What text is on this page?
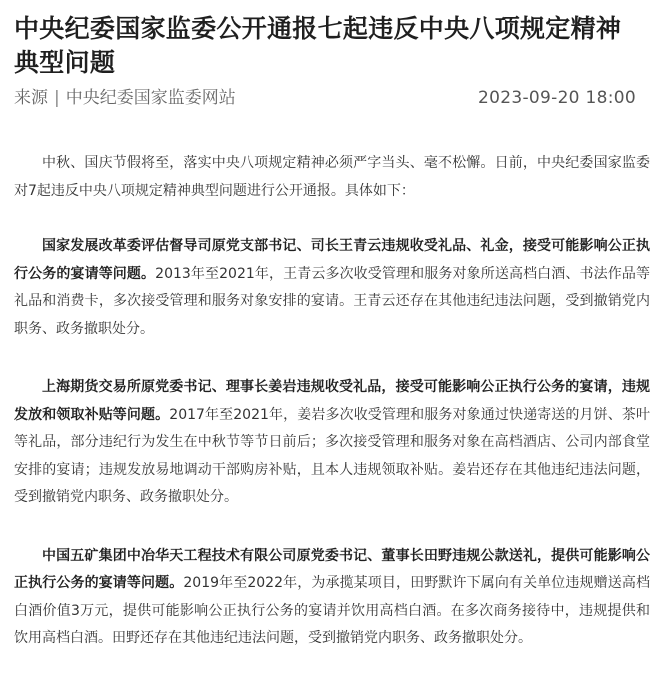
中央纪委国家监委公开通报七起违反中央八项规定精神典型问题
来源 | 中央纪委国家监委网站	2023-09-20 18:00

中秋、国庆节假将至，落实中央八项规定精神必须严字当头、毫不松懈。日前，中央纪委国家监委对7起违反中央八项规定精神典型问题进行公开通报。具体如下：

国家发展改革委评估督导司原党支部书记、司长王青云违规收受礼品、礼金，接受可能影响公正执行公务的宴请等问题。2013年至2021年，王青云多次收受管理和服务对象所送高档白酒、书法作品等礼品和消费卡，多次接受管理和服务对象安排的宴请。王青云还存在其他违纪违法问题，受到撤销党内职务、政务撤职处分。

上海期货交易所原党委书记、理事长姜岩违规收受礼品，接受可能影响公正执行公务的宴请，违规发放和领取补贴等问题。2017年至2021年，姜岩多次收受管理和服务对象通过快递寄送的月饼、茶叶等礼品，部分违纪行为发生在中秋节等节日前后；多次接受管理和服务对象在高档酒店、公司内部食堂安排的宴请；违规发放易地调动干部购房补贴，且本人违规领取补贴。姜岩还存在其他违纪违法问题，受到撤销党内职务、政务撤职处分。

中国五矿集团中冶华天工程技术有限公司原党委书记、董事长田野违规公款送礼，提供可能影响公正执行公务的宴请等问题。2019年至2022年，为承揽某项目，田野默许下属向有关单位违规赠送高档白酒价值3万元，提供可能影响公正执行公务的宴请并饮用高档白酒。在多次商务接待中，违规提供和饮用高档白酒。田野还存在其他违纪违法问题，受到撤销党内职务、政务撤职处分。
